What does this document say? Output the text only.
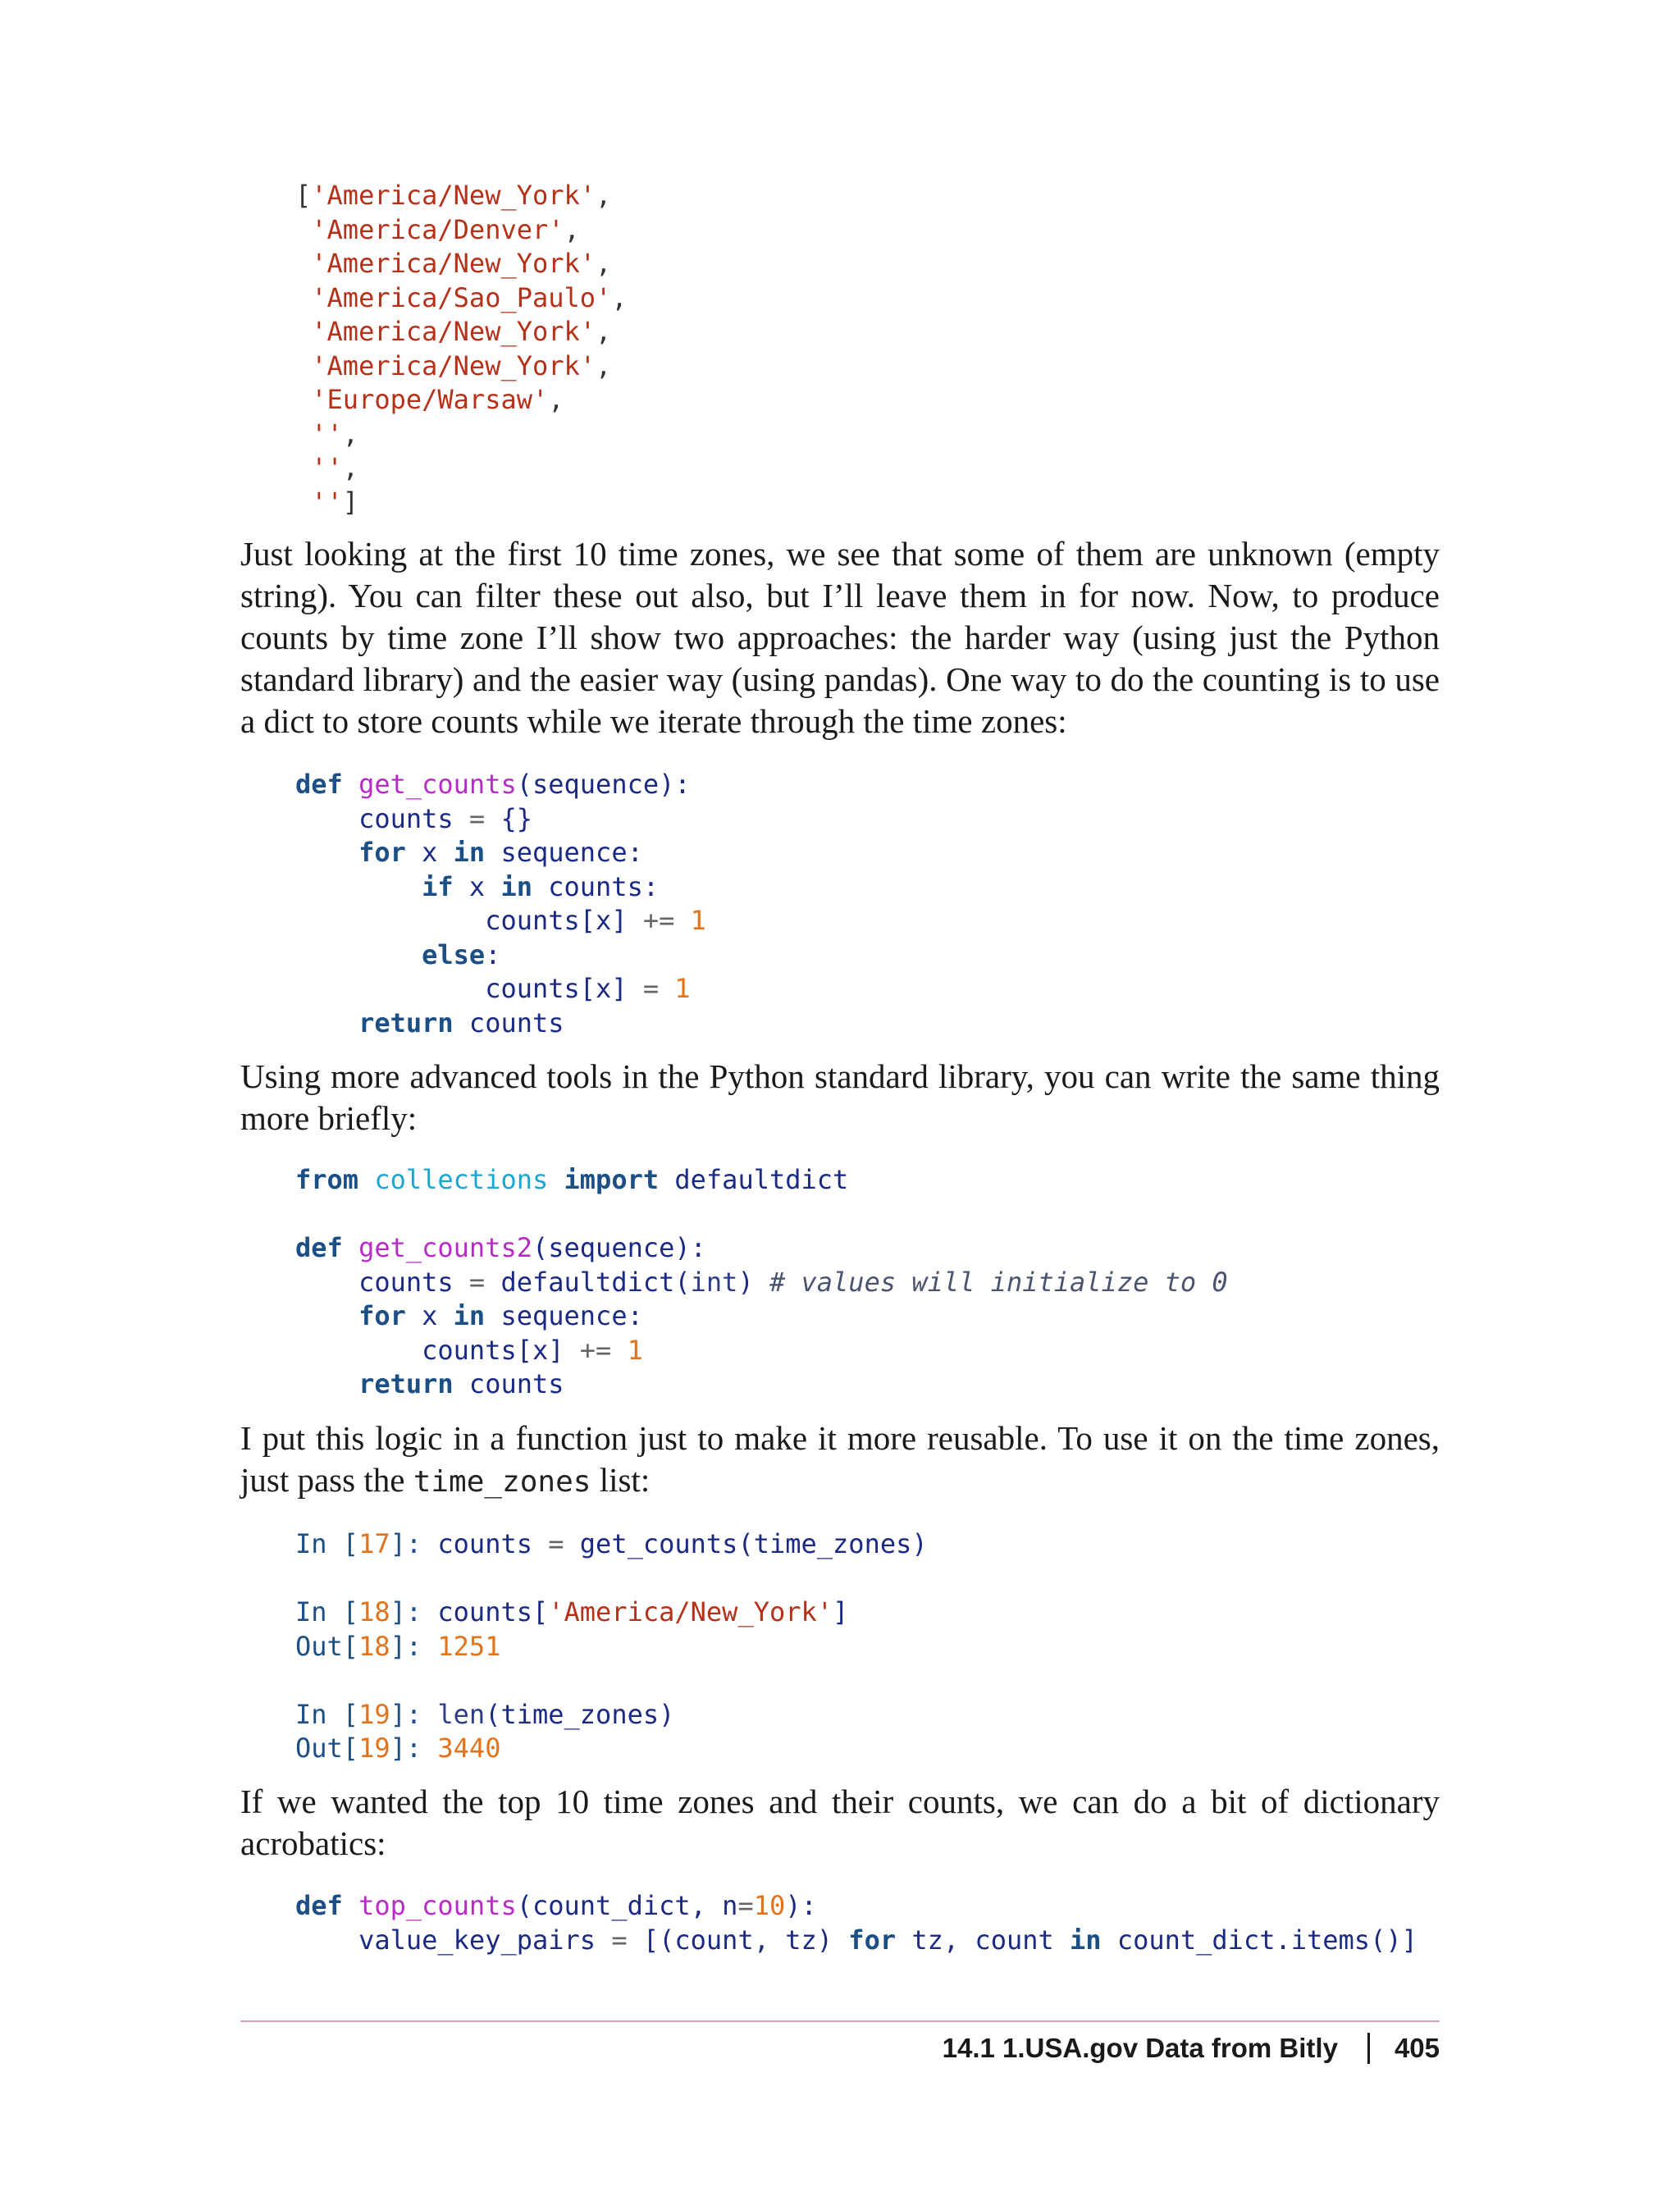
['America/New_York',
'America/Denver',
'America/New_York',
'America/Sao_Paulo',
'America/New_York',
'America/New_York',
'Europe/Warsaw',
'',
'',
'']

Just looking at the first 10 time zones, we see that some of them are unknown (empty string). You can filter these out also, but I’ll leave them in for now. Now, to produce counts by time zone I’ll show two approaches: the harder way (using just the Python standard library) and the easier way (using pandas). One way to do the counting is to use a dict to store counts while we iterate through the time zones:

def get_counts(sequence):
counts = {}
for x in sequence:
if x in counts:
counts[x] += 1
else:
counts[x] = 1
return counts

Using more advanced tools in the Python standard library, you can write the same thing more briefly:

from collections import defaultdict

def get_counts2(sequence):
counts = defaultdict(int) # values will initialize to 0
for x in sequence:
counts[x] += 1
return counts

I put this logic in a function just to make it more reusable. To use it on the time zones, just pass the time_zones list:

In [17]: counts = get_counts(time_zones)

In [18]: counts['America/New_York']
Out[18]: 1251

In [19]: len(time_zones)
Out[19]: 3440

If we wanted the top 10 time zones and their counts, we can do a bit of dictionary acrobatics:

def top_counts(count_dict, n=10):
value_key_pairs = [(count, tz) for tz, count in count_dict.items()]
14.1 1.USA.gov Data from Bitly 405
